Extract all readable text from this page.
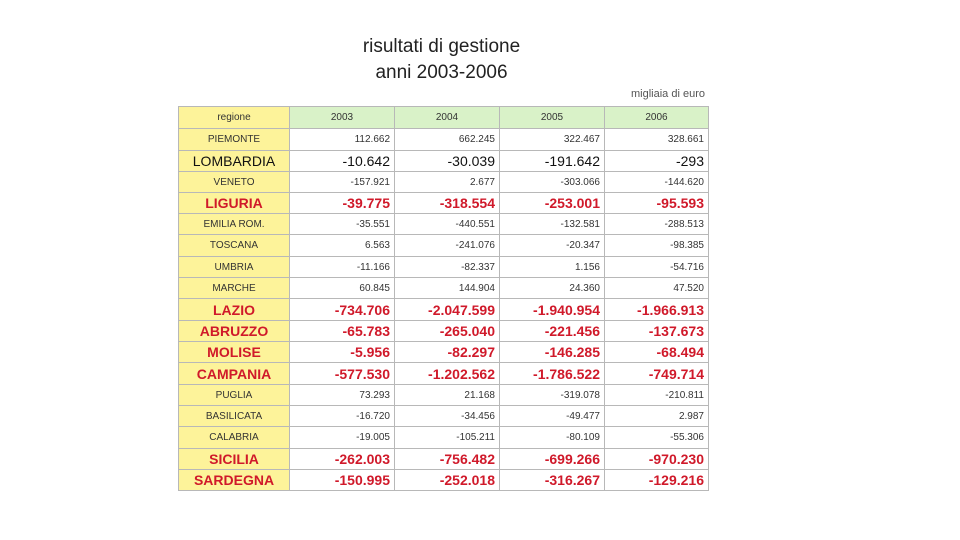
risultati di gestione
anni 2003-2006
migliaia di euro
regione	2003	2004	2005	2006
PIEMONTE	112.662	662.245	322.467	328.661
LOMBARDIA	-10.642	-30.039	-191.642	-293
VENETO	-157.921	2.677	-303.066	-144.620
LIGURIA	-39.775	-318.554	-253.001	-95.593
EMILIA ROM.	-35.551	-440.551	-132.581	-288.513
TOSCANA	6.563	-241.076	-20.347	-98.385
UMBRIA	-11.166	-82.337	1.156	-54.716
MARCHE	60.845	144.904	24.360	47.520
LAZIO	-734.706	-2.047.599	-1.940.954	-1.966.913
ABRUZZO	-65.783	-265.040	-221.456	-137.673
MOLISE	-5.956	-82.297	-146.285	-68.494
CAMPANIA	-577.530	-1.202.562	-1.786.522	-749.714
PUGLIA	73.293	21.168	-319.078	-210.811
BASILICATA	-16.720	-34.456	-49.477	2.987
CALABRIA	-19.005	-105.211	-80.109	-55.306
SICILIA	-262.003	-756.482	-699.266	-970.230
SARDEGNA	-150.995	-252.018	-316.267	-129.216
